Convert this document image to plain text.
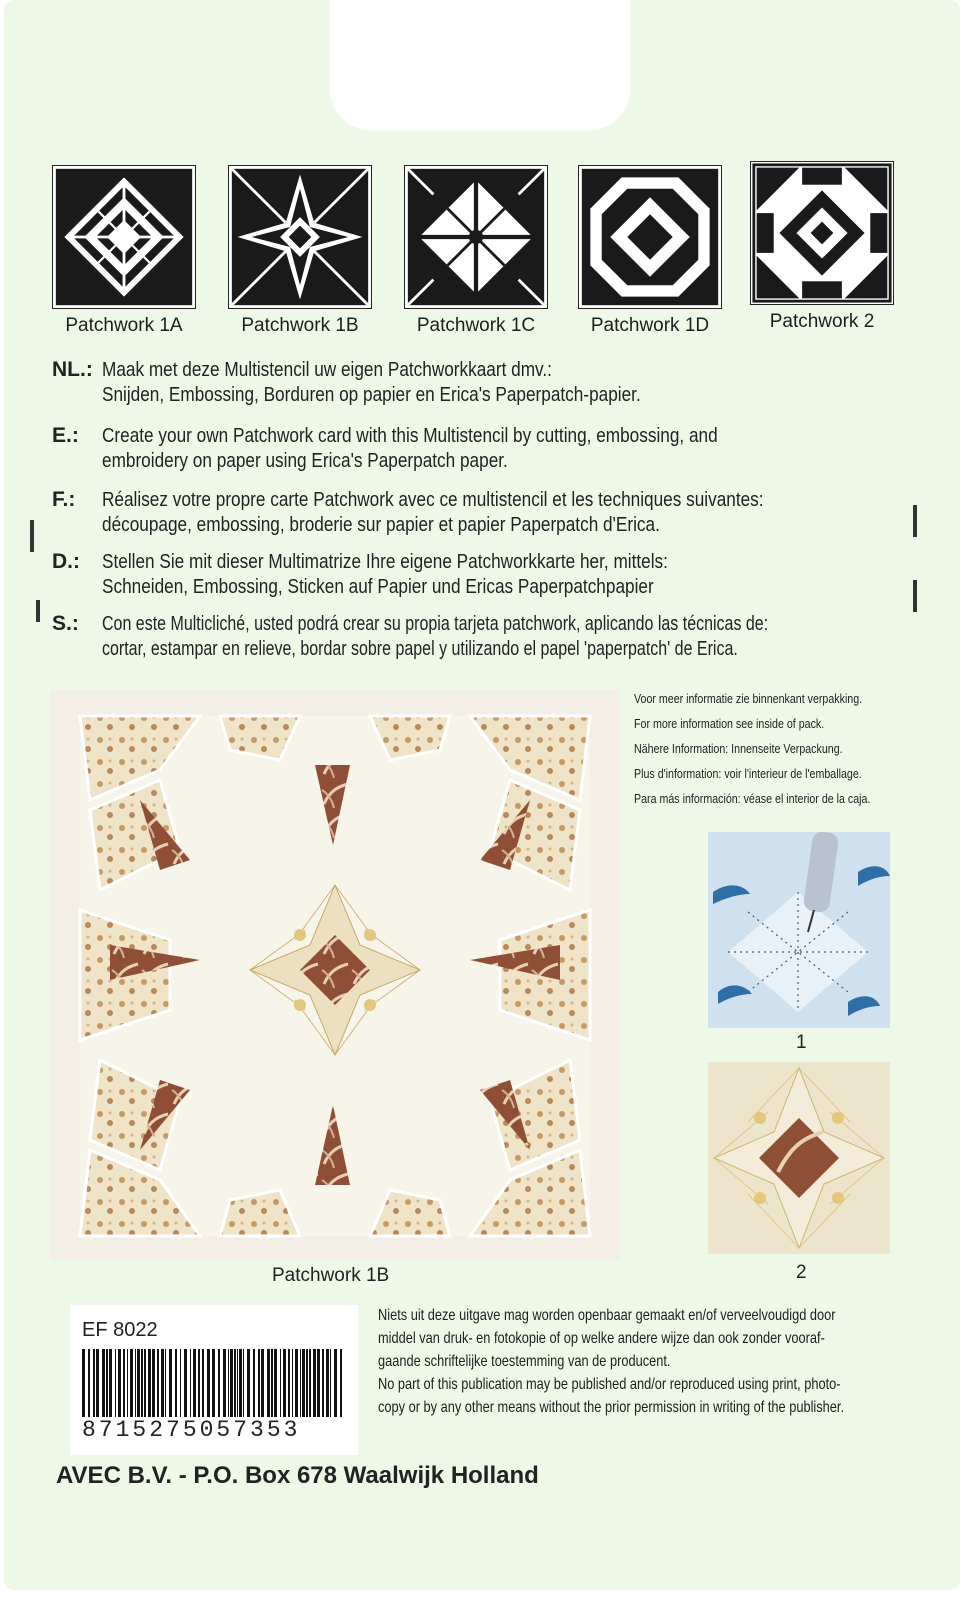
Patchwork 1A	Patchwork 1B	Patchwork 1C	Patchwork 1D	Patchwork 2
NL.: Maak met deze Multistencil uw eigen Patchworkkaart dmv.:
Snijden, Embossing, Borduren op papier en Erica's Paperpatch-papier.
E.: Create your own Patchwork card with this Multistencil by cutting, embossing, and
embroidery on paper using Erica's Paperpatch paper.
F.: Réalisez votre propre carte Patchwork avec ce multistencil et les techniques suivantes:
découpage, embossing, broderie sur papier et papier Paperpatch d'Erica.
D.: Stellen Sie mit dieser Multimatrize Ihre eigene Patchworkkarte her, mittels:
Schneiden, Embossing, Sticken auf Papier und Ericas Paperpatchpapier
S.: Con este Multicliché, usted podrá crear su propia tarjeta patchwork, aplicando las técnicas de:
cortar, estampar en relieve, bordar sobre papel y utilizando el papel 'paperpatch' de Erica.
Patchwork 1B
Voor meer informatie zie binnenkant verpakking.
For more information see inside of pack.
Nähere Information: Innenseite Verpackung.
Plus d'information: voir l'interieur de l'emballage.
Para más información: véase el interior de la caja.
1
2
Niets uit deze uitgave mag worden openbaar gemaakt en/of verveelvoudigd door
middel van druk- en fotokopie of op welke andere wijze dan ook zonder vooraf-
gaande schriftelijke toestemming van de producent.
No part of this publication may be published and/or reproduced using print, photo-
copy or by any other means without the prior permission in writing of the publisher.
EF 8022
8715275057353
AVEC B.V. - P.O. Box 678 Waalwijk Holland
